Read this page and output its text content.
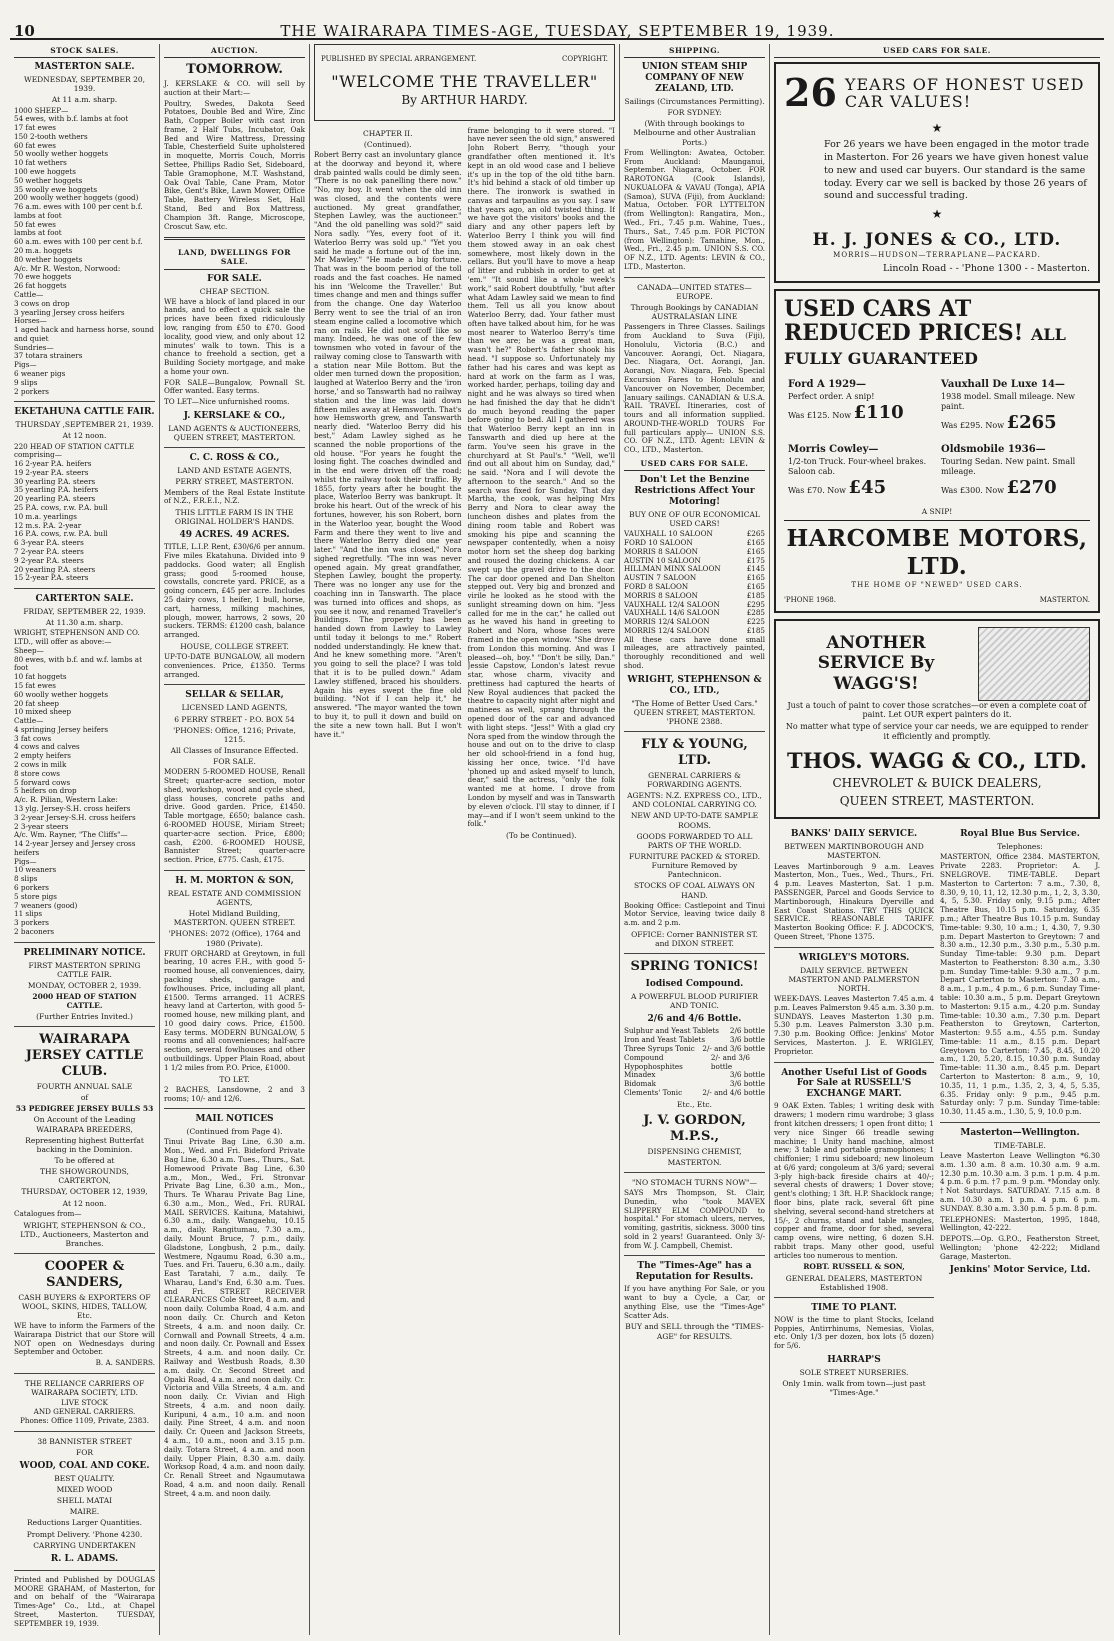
10	THE WAIRARAPA TIMES-AGE, TUESDAY, SEPTEMBER 19, 1939.
STOCK SALES.
MASTERTON SALE.
WEDNESDAY, SEPTEMBER 20, 1939.
At 11 a.m. sharp.
1000 SHEEP—
54 ewes, with b.f. lambs at foot
17 fat ewes
150 2-tooth wethers
60 fat ewes
50 woolly wether hoggets
10 fat wethers
100 ewe hoggets
50 wether hoggets
35 woolly ewe hoggets
200 woolly wether hoggets (good)
76 a.m. ewes with 100 per cent b.f. lambs at foot
50 fat ewes
lambs at foot
60 a.m. ewes with 100 per cent b.f.
20 m.a. hoggets
80 wether hoggets
A/c. Mr R. Weston, Norwood:
70 ewe hoggets
26 fat hoggets
Cattle—
3 cows on drop
3 yearling Jersey cross heifers
Horses—
1 aged hack and harness horse, sound and quiet
Sundries—
37 totara strainers
Pigs—
6 weaner pigs
9 slips
2 porkers
EKETAHUNA CATTLE FAIR.
THURSDAY ,SEPTEMBER 21, 1939.
At 12 noon.
220 HEAD OF STATION CATTLE comprising—
16 2-year P.A. heifers
19 2-year P.A. steers
30 yearling P.A. steers
35 yearling P.A. heifers
20 yearling P.A. steers
25 P.A. cows, r.w. P.A. bull
10 m.a. yearlings
12 m.s. P.A. 2-year
16 P.A. cows, r.w. P.A. bull
6 3-year P.A. steers
7 2-year P.A. steers
9 2-year P.A. steers
20 yearling P.A. steers
15 2-year P.A. steers
CARTERTON SALE.
FRIDAY, SEPTEMBER 22, 1939.
At 11.30 a.m. sharp.
WRIGHT, STEPHENSON AND CO. LTD., will offer as above:—
Sheep—
80 ewes, with b.f. and w.f. lambs at foot
10 fat hoggets
15 fat ewes
60 woolly wether hoggets
20 fat sheep
10 mixed sheep
Cattle—
4 springing Jersey heifers
3 fat cows
4 cows and calves
2 empty heifers
2 cows in milk
8 store cows
5 forward cows
5 heifers on drop
A/c. R. Pilian, Western Lake:
13 ylg. Jersey-S.H. cross heifers
3 2-year Jersey-S.H. cross heifers
2 3-year steers
A/c. Wm. Rayner, "The Cliffs"—
14 2-year Jersey and Jersey cross heifers
Pigs—
10 weaners
8 slips
6 porkers
5 store pigs
7 weaners (good)
11 slips
3 porkers
2 baconers
PRELIMINARY NOTICE.
FIRST MASTERTON SPRING CATTLE FAIR.
MONDAY, OCTOBER 2, 1939.
2000 HEAD OF STATION CATTLE.
(Further Entries Invited.)
WAIRARAPA JERSEY CATTLE CLUB.
FOURTH ANNUAL SALE
of
53 PEDIGREE JERSEY BULLS 53
On Account of the Leading WAIRARAPA BREEDERS,
Representing highest Butterfat backing in the Dominion.
To be offered at
THE SHOWGROUNDS, CARTERTON,
THURSDAY, OCTOBER 12, 1939,
At 12 noon.
Catalogues from—
WRIGHT, STEPHENSON & CO., LTD., Auctioneers, Masterton and Branches.
COOPER & SANDERS,
CASH BUYERS & EXPORTERS OF WOOL, SKINS, HIDES, TALLOW, Etc.

WE have to inform the Farmers of the Wairarapa District that our Store will NOT open on Wednesdays during September and October.

B. A. SANDERS.
THE RELIANCE CARRIERS OF WAIRARAPA SOCIETY, LTD.
LIVE STOCK
AND GENERAL CARRIERS.
Phones: Office 1109, Private, 2383.
38 BANNISTER STREET
FOR
WOOD, COAL AND COKE.
BEST QUALITY.
MIXED WOOD
SHELL MATAI
MAIRE.
Reductions Larger Quantities.
Prompt Delivery. 'Phone 4230.
CARRYING UNDERTAKEN
R. L. ADAMS.

Printed and Published by DOUGLAS MOORE GRAHAM, of Masterton, for and on behalf of the "Wairarapa Times-Age" Co., Ltd., at Chapel Street, Masterton. TUESDAY, SEPTEMBER 19, 1939.

AUCTION.
TOMORROW.

J. KERSLAKE & CO. will sell by auction at their Mart:—

Poultry, Swedes, Dakota Seed Potatoes, Double Bed and Wire, Zinc Bath, Copper Boiler with cast iron frame, 2 Half Tubs, Incubator, Oak Bed and Wire Mattress, Dressing Table, Chesterfield Suite upholstered in moquette, Morris Couch, Morris Settee, Phillips Radio Set, Sideboard, Table Gramophone, M.T. Washstand, Oak Oval Table, Cane Pram, Motor Bike, Gent's Bike, Lawn Mower, Office Table, Battery Wireless Set, Hall Stand, Bed and Box Mattress, Champion 3ft. Range, Microscope, Croscut Saw, etc.

LAND, DWELLINGS FOR SALE.
FOR SALE.
CHEAP SECTION.

WE have a block of land placed in our hands, and to effect a quick sale the prices have been fixed ridiculously low, ranging from £50 to £70. Good locality, good view, and only about 12 minutes' walk to town. This is a chance to freehold a section, get a Building Society mortgage, and make a home your own.

FOR SALE—Bungalow, Pownall St. Offer wanted. Easy terms.

TO LET—Nice unfurnished rooms.

J. KERSLAKE & CO.,
LAND AGENTS & AUCTIONEERS, QUEEN STREET, MASTERTON.
C. C. ROSS & CO.,
LAND AND ESTATE AGENTS,
PERRY STREET, MASTERTON.

Members of the Real Estate Institute of N.Z., F.R.E.I., N.Z.

THIS LITTLE FARM IS IN THE ORIGINAL HOLDER'S HANDS.
49 ACRES. 49 ACRES.

TITLE, L.I.P. Rent, £30/6/6 per annum. Five miles Ekatahuna. Divided into 9 paddocks. Good water; all English grass; good 5-roomed house, cowstalls, concrete yard. PRICE, as a going concern, £45 per acre. Includes 25 dairy cows, 1 heifer, 1 bull, horse, cart, harness, milking machines, plough, mower, harrows, 2 sows, 20 suckers. TERMS: £1200 cash, balance arranged.

HOUSE, COLLEGE STREET.

UP-TO-DATE BUNGALOW, all modern conveniences. Price, £1350. Terms arranged.

SELLAR & SELLAR,
LICENSED LAND AGENTS,
6 PERRY STREET - P.O. BOX 54
'PHONES: Office, 1216; Private, 1215.
All Classes of Insurance Effected.
FOR SALE.

MODERN 5-ROOMED HOUSE, Renall Street; quarter-acre section, motor shed, workshop, wood and cycle shed, glass houses, concrete paths and drive. Good garden. Price, £1450. Table mortgage, £650; balance cash. 6-ROOMED HOUSE, Miriam Street; quarter-acre section. Price, £800; cash, £200. 6-ROOMED HOUSE, Bannister Street; quarter-acre section. Price, £775. Cash, £175.

H. M. MORTON & SON,
REAL ESTATE AND COMMISSION AGENTS,
Hotel Midland Building, MASTERTON. QUEEN STREET.
'PHONES: 2072 (Office), 1764 and 1980 (Private).

FRUIT ORCHARD at Greytown, in full bearing, 10 acres F.H., with good 5-roomed house, all conveniences, dairy, packing sheds, garage and fowlhouses. Price, including all plant, £1500. Terms arranged. 11 ACRES heavy land at Carterton, with good 5-roomed house, new milking plant, and 10 good dairy cows. Price, £1500. Easy terms. MODERN BUNGALOW, 5 rooms and all conveniences; half-acre section, several fowlhouses and other outbuildings. Upper Plain Road, about 1 1/2 miles from P.O. Price, £1000.

TO LET.

2 BACHES, Lansdowne, 2 and 3 rooms; 10/- and 12/6.

MAIL NOTICES
(Continued from Page 4).

Tinui Private Bag Line, 6.30 a.m. Mon., Wed. and Fri. Bideford Private Bag Line, 6.30 a.m. Tues., Thurs., Sat. Homewood Private Bag Line, 6.30 a.m., Mon., Wed., Fri. Stronvar Private Bag Line, 6.30 a.m., Mon., Thurs. Te Wharau Private Bag Line, 6.30 a.m., Mon., Wed., Fri. RURAL MAIL SERVICES. Kaituna, Matahiwi, 6.30 a.m., daily. Wangaehu, 10.15 a.m., daily. Rangitumau, 7.30 a.m., daily. Mount Bruce, 7 p.m., daily. Gladstone, Longbush, 2 p.m., daily. Westmere, Ngaumu Road, 6.30 a.m., Tues. and Fri. Taueru, 6.30 a.m., daily. East Taratahi, 7 a.m., daily. Te Wharau, Land's End, 6.30 a.m. Tues. and Fri. STREET RECEIVER CLEARANCES Cole Street, 8 a.m. and noon daily. Columba Road, 4 a.m. and noon daily. Cr. Church and Keton Streets, 4 a.m. and noon daily. Cr. Cornwall and Pownall Streets, 4 a.m. and noon daily. Cr. Pownall and Essex Streets, 4 a.m. and noon daily. Cr. Railway and Westbush Roads, 8.30 a.m. daily. Cr. Second Street and Opaki Road, 4 a.m. and noon daily. Cr. Victoria and Villa Streets, 4 a.m. and noon daily. Cr. Vivian and High Streets, 4 a.m. and noon daily. Kuripuni, 4 a.m., 10 a.m. and noon daily. Pine Street, 4 a.m. and noon daily. Cr. Queen and Jackson Streets, 4 a.m., 10 a.m., noon and 3.15 p.m. daily. Totara Street, 4 a.m. and noon daily. Upper Plain, 8.30 a.m. daily. Worksop Road, 4 a.m. and noon daily. Cr. Renall Street and Ngaumutawa Road, 4 a.m. and noon daily. Renall Street, 4 a.m. and noon daily.

PUBLISHED BY SPECIAL ARRANGEMENT.	COPYRIGHT.
"WELCOME THE TRAVELLER"
By ARTHUR HARDY.
CHAPTER II.
(Continued).

Robert Berry cast an involuntary glance at the doorway and beyond it, where drab painted walls could be dimly seen. "There is no oak panelling there now." "No, my boy. It went when the old inn was closed, and the contents were auctioned. My great grandfather, Stephen Lawley, was the auctioneer." "And the old panelling was sold?" said Nora sadly. "Yes, every foot of it. Waterloo Berry was sold up." "Yet you said he made a fortune out of the inn, Mr Mawley." "He made a big fortune. That was in the boom period of the toll roads and the fast coaches. He named his inn 'Welcome the Traveller.' But times change and men and things suffer from the change. One day Waterloo Berry went to see the trial of an iron steam engine called a locomotive which ran on rails. He did not scoff like so many. Indeed, he was one of the few townsmen who voted in favour of the railway coming close to Tanswarth with a station near Mile Bottom. But the older men turned down the proposition, laughed at Waterloo Berry and the 'iron horse,' and so Tanswarth had no railway station and the line was laid down fifteen miles away at Hemsworth. That's how Hemsworth grew, and Tanswarth nearly died. "Waterloo Berry did his best," Adam Lawley sighed as he scanned the noble proportions of the old house. "For years he fought the losing fight. The coaches dwindled and in the end were driven off the road; whilst the railway took their traffic. By 1855, forty years after he bought the place, Waterloo Berry was bankrupt. It broke his heart. Out of the wreck of his fortunes, however, his son Robert, born in the Waterloo year, bought the Wood Farm and there they went to live and there Waterloo Berry died one year later." "And the inn was closed," Nora sighed regretfully. "The inn was never opened again. My great grandfather, Stephen Lawley, bought the property. There was no longer any use for the coaching inn in Tanswarth. The place was turned into offices and shops, as you see it now, and renamed Traveller's Buildings. The property has been handed down from Lawley to Lawley until today it belongs to me." Robert nodded understandingly. He knew that. And he knew something more. "Aren't you going to sell the place? I was told that it is to be pulled down." Adam Lawley stiffened, braced his shoulders. Again his eyes swept the fine old building. "Not if I can help it," he answered. "The mayor wanted the town to buy it, to pull it down and build on the site a new town hall. But I won't have it."

frame belonging to it were stored. "I have never seen the old sign," answered John Robert Berry, "though your grandfather often mentioned it. It's kept in an old wood case and I believe it's up in the top of the old tithe barn. It's hid behind a stack of old timber up there. The ironwork is swathed in canvas and tarpaulins as you say. I saw that years ago, an old twisted thing. If we have got the visitors' books and the diary and any other papers left by Waterloo Berry I think you will find them stowed away in an oak chest somewhere, most likely down in the cellars. But you'll have to move a heap of litter and rubbish in order to get at 'em." "It sound like a whole week's work," said Robert doubtfully, "but after what Adam Lawley said we mean to find them. Tell us all you know about Waterloo Berry, dad. Your father must often have talked about him, for he was most nearer to Waterloo Berry's time than we are; he was a great man, wasn't he?" Robert's father shook his head. "I suppose so. Unfortunately my father had his cares and was kept as hard at work on the farm as I was, worked harder, perhaps, toiling day and night and he was always so tired when he had finished the day that he didn't do much beyond reading the paper before going to bed. All I gathered was that Waterloo Berry kept an inn in Tanswarth and died up here at the farm. You've seen his grave in the churchyard at St Paul's." "Well, we'll find out all about him on Sunday, dad," he said. "Nora and I will devote the afternoon to the search." And so the search was fixed for Sunday. That day Martha, the cook, was helping Mrs Berry and Nora to clear away the luncheon dishes and plates from the dining room table and Robert was smoking his pipe and scanning the newspaper contentedly, when a noisy motor horn set the sheep dog barking and roused the dozing chickens. A car swept up the gravel drive to the door. The car door opened and Dan Shelton stepped out. Very big and bronzed and virile he looked as he stood with the sunlight streaming down on him. "Jess called for me in the car," he called out as he waved his hand in greeting to Robert and Nora, whose faces were framed in the open window. "She drove from London this morning. And was I pleased—oh, boy." "Don't be silly, Dan." Jessie Capstow, London's latest revue star, whose charm, vivacity and prettiness had captured the hearts of New Royal audiences that packed the theatre to capacity night after night and matinees as well, sprang through the opened door of the car and advanced with light steps. "Jess!" With a glad cry Nora sped from the window through the house and out on to the drive to clasp her old school-friend in a fond hug, kissing her once, twice. "I'd have 'phoned up and asked myself to lunch, dear," said the actress, "only the folk wanted me at home. I drove from London by myself and was in Tanswarth by eleven o'clock. I'll stay to dinner, if I may—and if I won't seem unkind to the folk."

(To be Continued).
SHIPPING.
UNION STEAM SHIP COMPANY OF NEW ZEALAND, LTD.
Sailings (Circumstances Permitting).
FOR SYDNEY:
(With through bookings to Melbourne and other Australian Ports.)

From Wellington: Awatea, October. From Auckland: Maunganui, September. Niagara, October. FOR RAROTONGA (Cook Islands), NUKUALOFA & VAVAU (Tonga), APIA (Samoa), SUVA (Fiji), from Auckland: Matua, October. FOR LYTTELTON (from Wellington): Rangatira, Mon., Wed., Fri., 7.45 p.m. Wahine, Tues., Thurs., Sat., 7.45 p.m. FOR PICTON (from Wellington): Tamahine, Mon., Wed., Fri., 2.45 p.m. UNION S.S. CO. OF N.Z., LTD. Agents: LEVIN & CO., LTD., Masterton.

CANADA—UNITED STATES—EUROPE.
Through Bookings by CANADIAN AUSTRALASIAN LINE

Passengers in Three Classes. Sailings from Auckland to Suva (Fiji), Honolulu, Victoria (B.C.) and Vancouver. Aorangi, Oct. Niagara, Dec. Niagara, Oct. Aorangi, Jan. Aorangi, Nov. Niagara, Feb. Special Excursion Fares to Honolulu and Vancouver on November, December, January sailings. CANADIAN & U.S.A. RAIL TRAVEL Itineraries, cost of tours and all information supplied. AROUND-THE-WORLD TOURS For full particulars apply— UNION S.S. CO. OF N.Z., LTD. Agent: LEVIN & CO., LTD., Masterton.

USED CARS FOR SALE.
Don't Let the Benzine Restrictions Affect Your Motoring!
BUY ONE OF OUR ECONOMICAL USED CARS!
VAUXHALL 10 SALOON	£265
FORD 10 SALOON	£165
MORRIS 8 SALOON	£165
AUSTIN 10 SALOON	£175
HILLMAN MINX SALOON	£145
AUSTIN 7 SALOON	£165
FORD 8 SALOON	£165
MORRIS 8 SALOON	£185
VAUXHALL 12/4 SALOON	£295
VAUXHALL 14/6 SALOON	£285
MORRIS 12/4 SALOON	£225
MORRIS 12/4 SALOON	£185

All these cars have done small mileages, are attractively painted, thoroughly reconditioned and well shod.

WRIGHT, STEPHENSON & CO., LTD.,
"The Home of Better Used Cars." QUEEN STREET, MASTERTON. 'PHONE 2388.
FLY & YOUNG, LTD.
GENERAL CARRIERS & FORWARDING AGENTS.
AGENTS: N.Z. EXPRESS CO., LTD., AND COLONIAL CARRYING CO.
NEW AND UP-TO-DATE SAMPLE ROOMS.
GOODS FORWARDED TO ALL PARTS OF THE WORLD.
FURNITURE PACKED & STORED. Furniture Removed by Pantechnicon.
STOCKS OF COAL ALWAYS ON HAND.

Booking Office: Castlepoint and Tinui Motor Service, leaving twice daily 8 a.m. and 2 p.m.

OFFICE: Corner BANNISTER ST. and DIXON STREET.
SPRING TONICS!
Iodised Compound.
A POWERFUL BLOOD PURIFIER AND TONIC.
2/6 and 4/6 Bottle.
Sulphur and Yeast Tablets 2/6 bottle
Iron and Yeast Tablets	3/6 bottle
Three Syrups Tonic 2/- and 3/6 bottle
Compound Hypophosphites
2/- and 3/6 bottle
Minadex	3/6 bottle
Bidomak	3/6 bottle
Clements' Tonic	2/- and 4/6 bottle
Etc., Etc.
J. V. GORDON, M.P.S.,
DISPENSING CHEMIST,
MASTERTON.
"NO STOMACH TURNS NOW"—

SAYS Mrs Thompson, St. Clair, Dunedin, who "took MAVEX SLIPPERY ELM COMPOUND to hospital." For stomach ulcers, nerves, vomiting, gastritis, sickness. 3000 tins sold in 2 years! Guaranteed. Only 3/- from W. J. Campbell, Chemist.

The "Times-Age" has a Reputation for Results.

If you have anything For Sale, or you want to buy a Cycle, a Car, or anything Else, use the "Times-Age" Scatter Ads.

BUY and SELL through the "TIMES-AGE" for RESULTS.
USED CARS FOR SALE.
26 YEARS OF HONEST USED CAR VALUES!
★
For 26 years we have been engaged in the motor trade in Masterton. For 26 years we have given honest value to new and used car buyers. Our standard is the same today. Every car we sell is backed by those 26 years of sound and successful trading.
★
H. J. JONES & CO., LTD.
MORRIS—HUDSON—TERRAPLANE—PACKARD.
Lincoln Road - - 'Phone 1300 - - Masterton.
USED CARS AT REDUCED PRICES! ALL FULLY GUARANTEED
Ford A 1929—
Perfect order. A snip!
Was £125. Now £110
Vauxhall De Luxe 14—
1938 model. Small mileage. New paint.
Was £295. Now £265
Morris Cowley—
1/2-ton Truck. Four-wheel brakes. Saloon cab.
Was £70. Now £45
Oldsmobile 1936—
Touring Sedan. New paint. Small mileage.
Was £300. Now £270
A SNIP!
HARCOMBE MOTORS, LTD.
THE HOME OF "NEWED" USED CARS.
'PHONE 1968.	MASTERTON.
ANOTHER SERVICE By WAGG'S!

Just a touch of paint to cover those scratches—or even a complete coat of paint. Let OUR expert painters do it.

No matter what type of service your car needs, we are equipped to render it efficiently and promptly.

THOS. WAGG & CO., LTD.
CHEVROLET & BUICK DEALERS,
QUEEN STREET, MASTERTON.
BANKS' DAILY SERVICE.
BETWEEN MARTINBOROUGH AND MASTERTON.

Leaves Martinborough 9 a.m. Leaves Masterton, Mon., Tues., Wed., Thurs., Fri. 4 p.m. Leaves Masterton, Sat. 1 p.m. PASSENGER, Parcel and Goods Service to Martinborough, Hinakura Dyerville and East Coast Stations. TRY THIS QUICK SERVICE. REASONABLE TARIFF. Masterton Booking Office: F. J. ADCOCK'S, Queen Street, 'Phone 1375.

WRIGLEY'S MOTORS.
DAILY SERVICE. BETWEEN MASTERTON AND PALMERSTON NORTH.

WEEK-DAYS. Leaves Masterton 7.45 a.m. 4 p.m. Leaves Palmerston 9.45 a.m. 3.30 p.m. SUNDAYS. Leaves Masterton 1.30 p.m. 5.30 p.m. Leaves Palmerston 3.30 p.m. 7.30 p.m. Booking Office: Jenkins' Motor Services, Masterton. J. E. WRIGLEY, Proprietor.

Another Useful List of Goods For Sale at RUSSELL'S EXCHANGE MART.

9 OAK Exten. Tables; 1 writing desk with drawers; 1 modern rimu wardrobe; 3 glass front kitchen dressers; 1 open front ditto; 1 very nice Singer 66 treadle sewing machine; 1 Unity hand machine, almost new; 3 table and portable gramophones; 1 chiffonier; 1 rimu sideboard; new linoleum at 6/6 yard; congoleum at 3/6 yard; several 3-ply high-back fireside chairs at 40/-; several chests of drawers; 1 Dover stove; gent's clothing; 1 3ft. H.P. Shacklock range; floor bins, plate rack, several 6ft pine shelving, several second-hand stretchers at 15/-, 2 churns, stand and table mangles, copper and frame, door for shed, several camp ovens, wire netting, 6 dozen S.H. rabbit traps. Many other good, useful articles too numerous to mention.

ROBT. RUSSELL & SON,
GENERAL DEALERS, MASTERTON Established 1908.
TIME TO PLANT.

NOW is the time to plant Stocks, Iceland Poppies, Antirrhinums, Nemesias, Violas, etc. Only 1/3 per dozen, box lots (5 dozen) for 5/6.

HARRAP'S
SOLE STREET NURSERIES.
Only 1min. walk from town—just past "Times-Age."
Royal Blue Bus Service.
Telephones:

MASTERTON, Office 2384. MASTERTON, Private 2283. Proprietor: A. J. SNELGROVE. TIME-TABLE. Depart Masterton to Carterton: 7 a.m., 7.30, 8, 8.30, 9, 10, 11, 12, 12.30 p.m., 1, 2, 3, 3.30, 4, 5, 5.30. Friday only, 9.15 p.m.; After Theatre Bus, 10.15 p.m. Saturday, 6.35 p.m.; After Theatre Bus 10.15 p.m. Sunday Time-table: 9.30, 10 a.m.; 1, 4.30, 7, 9.30 p.m. Depart Masterton to Greytown: 7 and 8.30 a.m., 12.30 p.m., 3.30 p.m., 5.30 p.m. Sunday Time-table: 9.30 p.m. Depart Masterton to Featherston: 8.30 a.m., 3.30 p.m. Sunday Time-table: 9.30 a.m., 7 p.m. Depart Carterton to Masterton: 7.30 a.m., 8 a.m., 1 p.m., 4 p.m., 6 p.m. Sunday Time-table: 10.30 a.m., 5 p.m. Depart Greytown to Masterton: 9.15 a.m., 4.20 p.m. Sunday Time-table: 10.30 a.m., 7.30 p.m. Depart Featherston to Greytown, Carterton, Masterton: 9.55 a.m., 4.55 p.m. Sunday Time-table: 11 a.m., 8.15 p.m. Depart Greytown to Carterton: 7.45, 8.45, 10.20 a.m., 1.20, 5.20, 8.15, 10.30 p.m. Sunday Time-table: 11.30 a.m., 8.45 p.m. Depart Carterton to Masterton: 8 a.m., 9, 10, 10.35, 11, 1 p.m., 1.35, 2, 3, 4, 5, 5.35, 6.35. Friday only: 9 p.m., 9.45 p.m. Saturday only: 7 p.m. Sunday Time-table: 10.30, 11.45 a.m., 1.30, 5, 9, 10.0 p.m.

Masterton—Wellington.
TIME-TABLE.

Leave Masterton Leave Wellington *6.30 a.m. 1.30 a.m. 8 a.m. 10.30 a.m. 9 a.m. 12.30 p.m. 10.30 a.m. 3 p.m. 1 p.m. 4 p.m. 4 p.m. 6 p.m. †7 p.m. 9 p.m. *Monday only. †Not Saturdays. SATURDAY. 7.15 a.m. 8 a.m. 10.30 a.m. 1 p.m. 4 p.m. 6 p.m. SUNDAY. 8.30 a.m. 3.30 p.m. 5 p.m. 8 p.m.

TELEPHONES: Masterton, 1995, 1848, Wellington, 42-222.

DEPOTS.—Op. G.P.O., Featherston Street, Wellington; 'phone 42-222; Midland Garage, Masterton.

Jenkins' Motor Service, Ltd.
